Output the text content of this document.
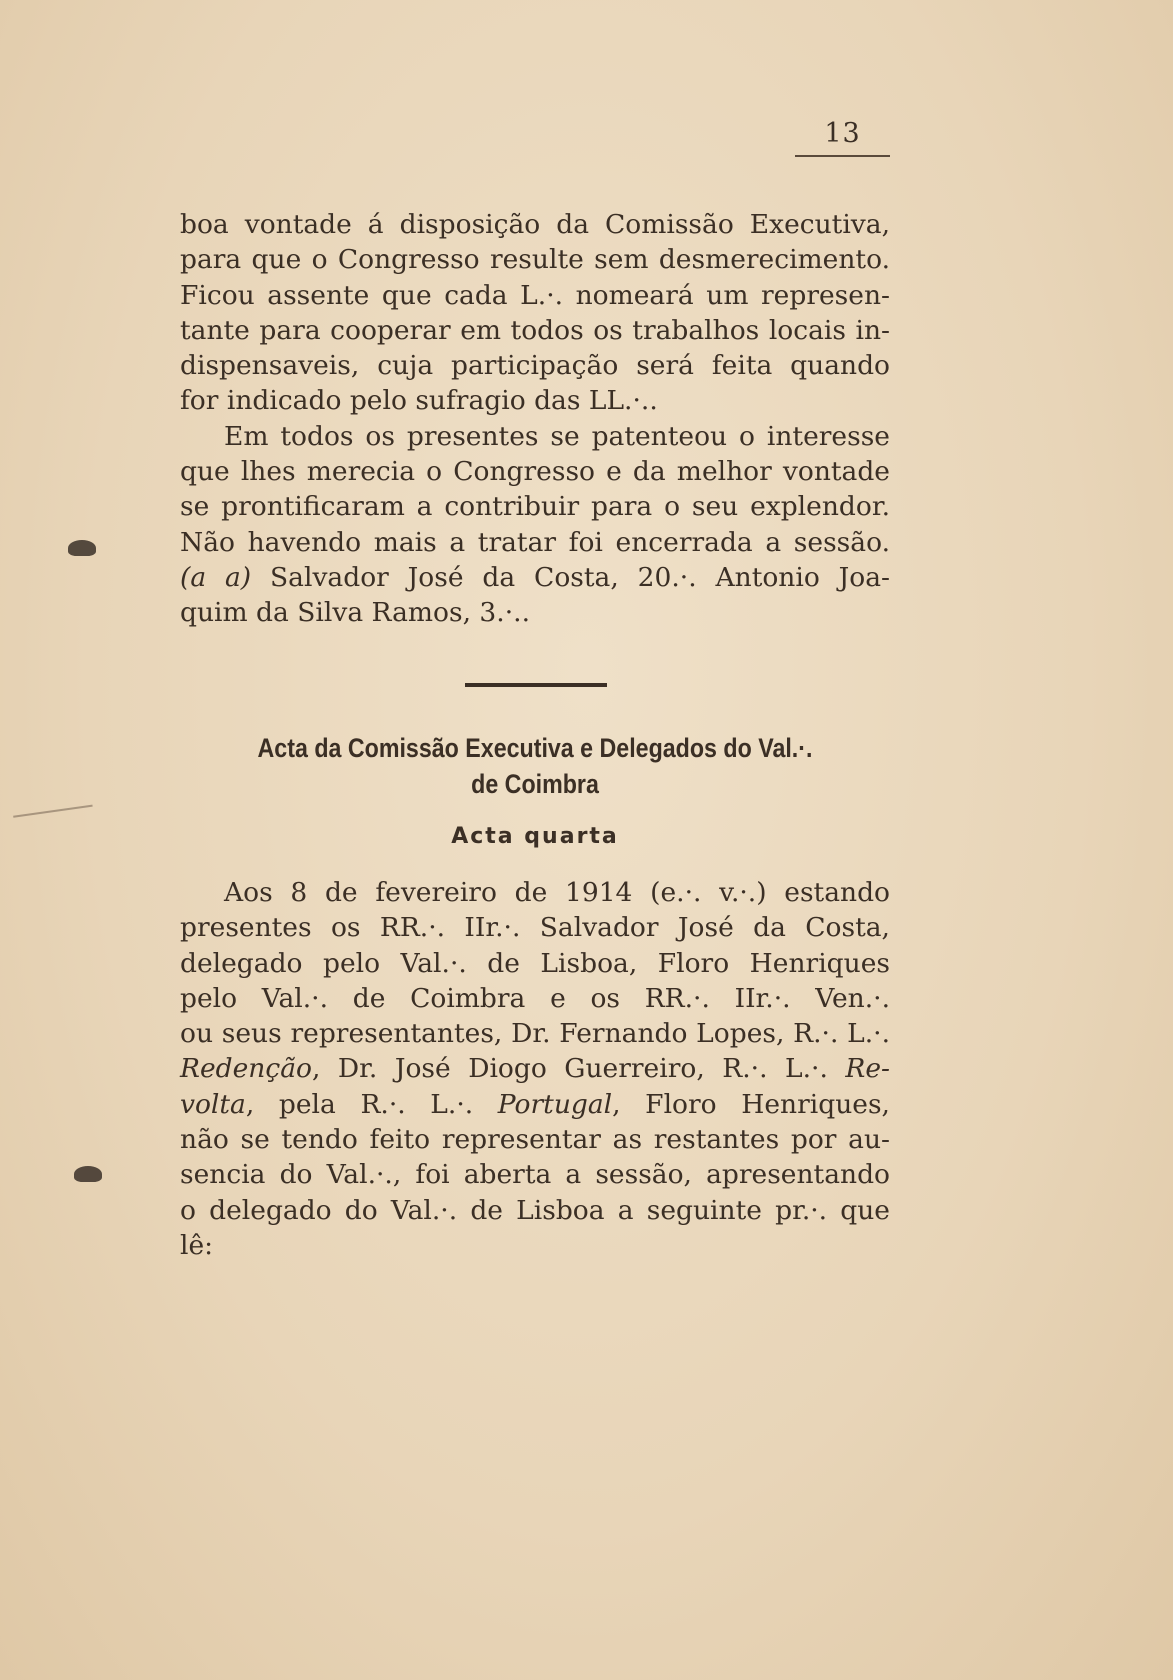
13
boa vontade á disposição da Comissão Executiva,
para que o Congresso resulte sem desmerecimento.
Ficou assente que cada L.·. nomeará um represen-
tante para cooperar em todos os trabalhos locais in-
dispensaveis, cuja participação será feita quando
for indicado pelo sufragio das LL.·..
Em todos os presentes se patenteou o interesse
que lhes merecia o Congresso e da melhor vontade
se prontificaram a contribuir para o seu explendor.
Não havendo mais a tratar foi encerrada a sessão.
(a a) Salvador José da Costa, 20.·. Antonio Joa-
quim da Silva Ramos, 3.·..
Acta da Comissão Executiva e Delegados do Val.·.
de Coimbra
Acta quarta
Aos 8 de fevereiro de 1914 (e.·. v.·.) estando
presentes os RR.·. IIr.·. Salvador José da Costa,
delegado pelo Val.·. de Lisboa, Floro Henriques
pelo Val.·. de Coimbra e os RR.·. IIr.·. Ven.·.
ou seus representantes, Dr. Fernando Lopes, R.·. L.·.
Redenção, Dr. José Diogo Guerreiro, R.·. L.·. Re-
volta, pela R.·. L.·. Portugal, Floro Henriques,
não se tendo feito representar as restantes por au-
sencia do Val.·., foi aberta a sessão, apresentando
o delegado do Val.·. de Lisboa a seguinte pr.·. que
lê:
